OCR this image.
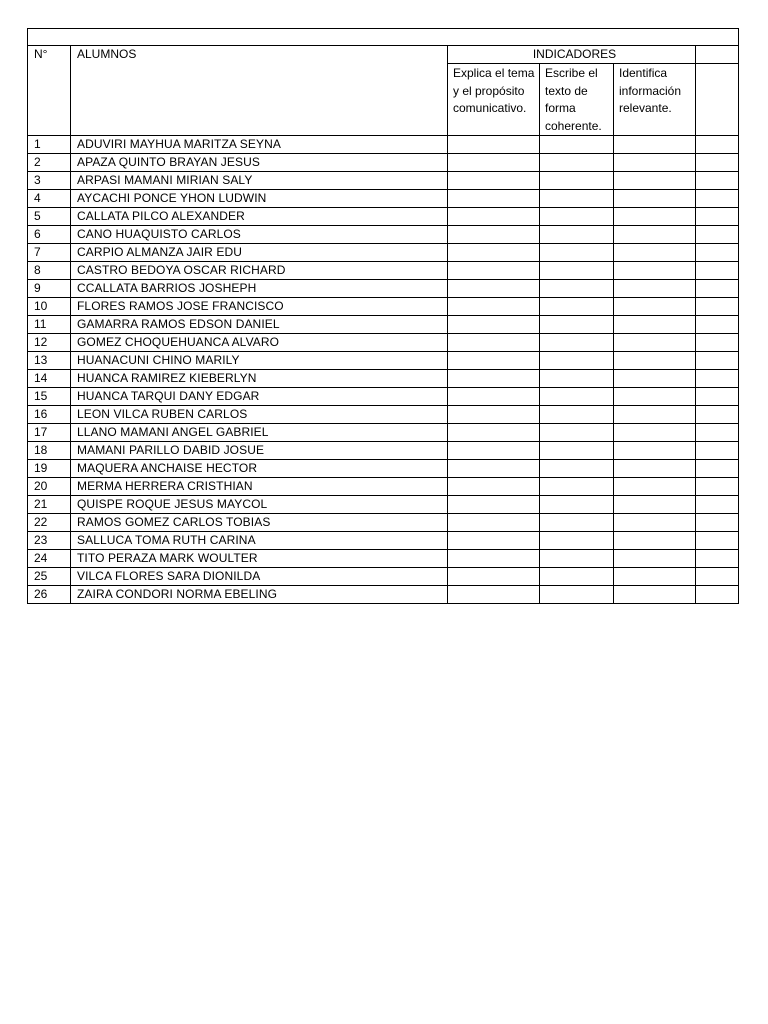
N°	ALUMNOS	INDICADORES			
		Explica el tema y el propósito comunicativo.	Escribe el texto de forma coherente.	Identifica información relevante.	
1	ADUVIRI MAYHUA MARITZA SEYNA				
2	APAZA QUINTO BRAYAN JESUS				
3	ARPASI MAMANI MIRIAN SALY				
4	AYCACHI PONCE YHON LUDWIN				
5	CALLATA PILCO ALEXANDER				
6	CANO HUAQUISTO CARLOS				
7	CARPIO ALMANZA JAIR EDU				
8	CASTRO BEDOYA OSCAR RICHARD				
9	CCALLATA BARRIOS JOSHEPH				
10	FLORES RAMOS JOSE FRANCISCO				
11	GAMARRA RAMOS EDSON DANIEL				
12	GOMEZ CHOQUEHUANCA ALVARO				
13	HUANACUNI CHINO MARILY				
14	HUANCA RAMIREZ KIEBERLYN				
15	HUANCA TARQUI DANY EDGAR				
16	LEON VILCA RUBEN CARLOS				
17	LLANO MAMANI ANGEL GABRIEL				
18	MAMANI PARILLO DABID JOSUE				
19	MAQUERA ANCHAISE HECTOR				
20	MERMA HERRERA CRISTHIAN				
21	QUISPE ROQUE JESUS MAYCOL				
22	RAMOS GOMEZ CARLOS TOBIAS				
23	SALLUCA TOMA RUTH CARINA				
24	TITO PERAZA MARK WOULTER				
25	VILCA FLORES SARA DIONILDA				
26	ZAIRA CONDORI NORMA EBELING				
